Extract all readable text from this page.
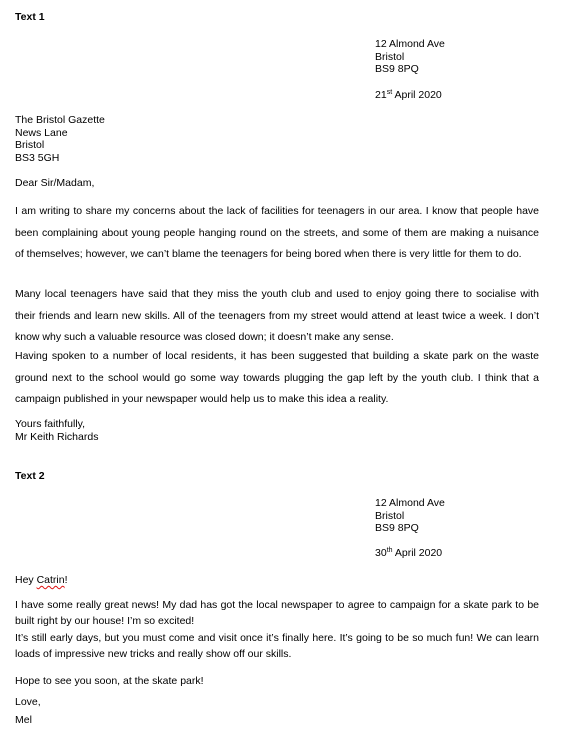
Text 1
12 Almond Ave
Bristol
BS9 8PQ
21st April 2020
The Bristol Gazette
News Lane
Bristol
BS3 5GH
Dear Sir/Madam,

I am writing to share my concerns about the lack of facilities for teenagers in our area. I know that people have been complaining about young people hanging round on the streets, and some of them are making a nuisance of themselves; however, we can’t blame the teenagers for being bored when there is very little for them to do.

Many local teenagers have said that they miss the youth club and used to enjoy going there to socialise with their friends and learn new skills. All of the teenagers from my street would attend at least twice a week. I don’t know why such a valuable resource was closed down; it doesn’t make any sense.

Having spoken to a number of local residents, it has been suggested that building a skate park on the waste ground next to the school would go some way towards plugging the gap left by the youth club. I think that a campaign published in your newspaper would help us to make this idea a reality.

Yours faithfully,
Mr Keith Richards
Text 2
12 Almond Ave
Bristol
BS9 8PQ
30th April 2020
Hey Catrin!

I have some really great news! My dad has got the local newspaper to agree to campaign for a skate park to be built right by our house! I’m so excited!

It’s still early days, but you must come and visit once it’s finally here. It’s going to be so much fun! We can learn loads of impressive new tricks and really show off our skills.

Hope to see you soon, at the skate park!

Love,
Mel
